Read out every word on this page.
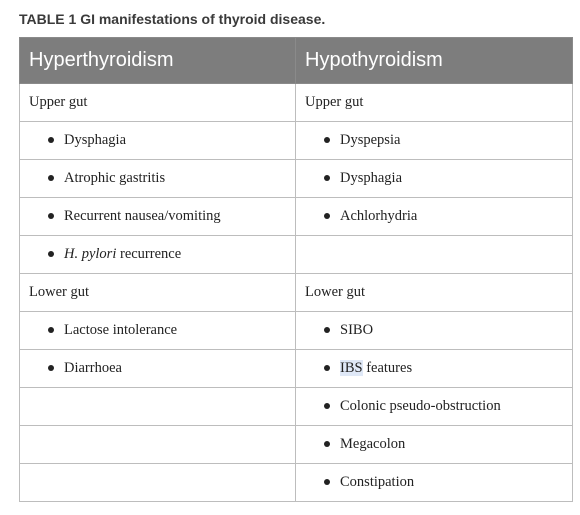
TABLE 1 GI manifestations of thyroid disease.
Hyperthyroidism	Hypothyroidism
Upper gut	Upper gut
Dysphagia	Dyspepsia
Atrophic gastritis	Dysphagia
Recurrent nausea/vomiting	Achlorhydria
H. pylori recurrence	
Lower gut	Lower gut
Lactose intolerance	SIBO
Diarrhoea	IBS features
	Colonic pseudo-obstruction
	Megacolon
	Constipation
